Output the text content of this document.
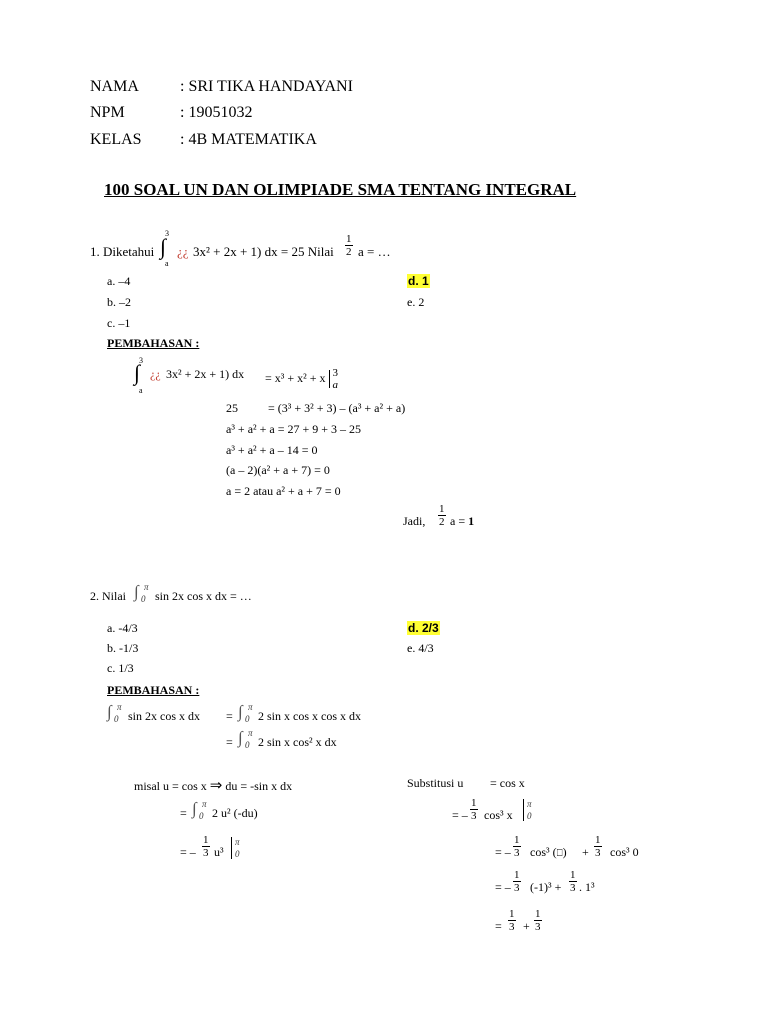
NAMA	: SRI TIKA HANDAYANI
NPM	: 19051032
KELAS : 4B MATEMATIKA
100 SOAL UN DAN OLIMPIADE SMA TENTANG INTEGRAL
1. Diketahui
3
∫
a
¿¿ 3x² + 2x + 1) dx = 25 Nilai $\frac{1}{2}$ a = …
a. –4
b. –2
c. –1
d. 1
e. 2
PEMBAHASAN :
3
∫
a
¿¿ 3x² + 2x + 1) dx = x³ + x² + x 3
a
25	= (3³ + 3² + 3) – (a³ + a² + a)
a³ + a² + a = 27 + 9 + 3 – 25
a³ + a² + a – 14 = 0
(a – 2)(a² + a + 7) = 0
a = 2 atau a² + a + 7 = 0
Jadi, $\frac{1}{2}$ a = 1
2. Nilai ∫ 0
π
sin 2x cos x dx = …
a. -4/3
b. -1/3
c. 1/3
d. 2/3
e. 4/3
PEMBAHASAN :
∫ 0
π
sin 2x cos x dx = ∫ 0
π
2 sin x cos x cos x dx
= ∫ 0
π
2 sin x cos² x dx
misal u = cos x ⇒ du = -sin x dx
= ∫ 0
π
2 u² (-du)
= – $\frac{1}{3} u^3$
π
0
Substitusi u = cos x
= – $\frac{1}{3} \cos^3$ x
π
0
= – $\frac{1}{3} \cos^3$ (⎕) + $\frac{1}{3} \cos^3$ 0
= – $\frac{1}{3} (-1)^3 + \frac{1}{3}$ . 1³
= $\frac{1}{3} + \frac{1}{3}$
